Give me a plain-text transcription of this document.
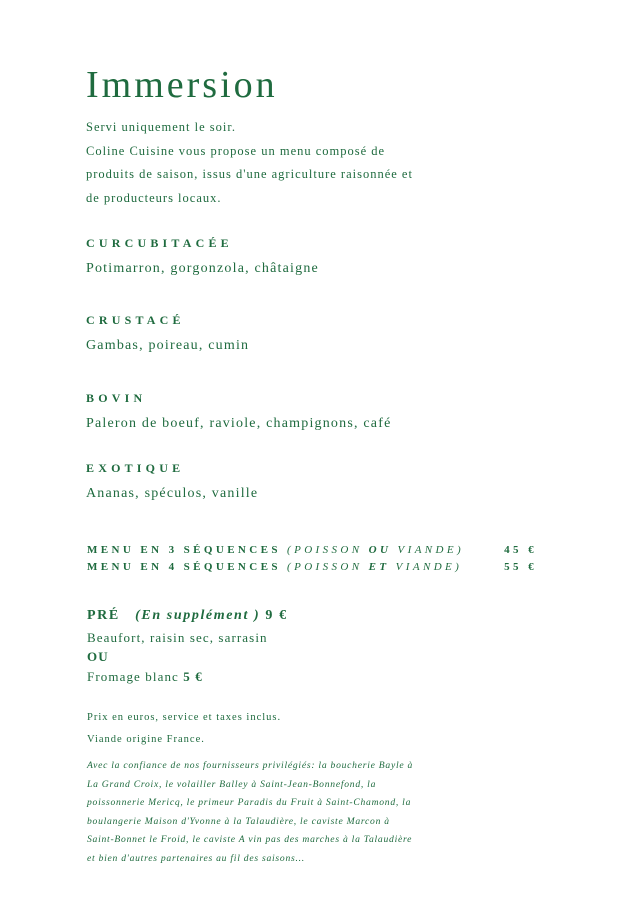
Immersion
Servi uniquement le soir.
Coline Cuisine vous propose un menu composé de
produits de saison, issus d'une agriculture raisonnée et
de producteurs locaux.
CURCUBITACÉE
Potimarron, gorgonzola, châtaigne
CRUSTACÉ
Gambas, poireau, cumin
BOVIN
Paleron de boeuf, raviole, champignons, café
EXOTIQUE
Ananas, spéculos, vanille
MENU EN 3 SÉQUENCES (POISSON OU VIANDE)	45 €
MENU EN 4 SÉQUENCES (POISSON ET VIANDE)	55 €
PRÉ (En supplément ) 9 €
Beaufort, raisin sec, sarrasin
OU
Fromage blanc 5 €
Prix en euros, service et taxes inclus.
Viande origine France.
Avec la confiance de nos fournisseurs privilégiés: la boucherie Bayle à
La Grand Croix, le volailler Balley à Saint-Jean-Bonnefond, la
poissonnerie Mericq, le primeur Paradis du Fruit à Saint-Chamond, la
boulangerie Maison d'Yvonne à la Talaudière, le caviste Marcon à
Saint-Bonnet le Froid, le caviste A vin pas des marches à la Talaudière
et bien d'autres partenaires au fil des saisons...
